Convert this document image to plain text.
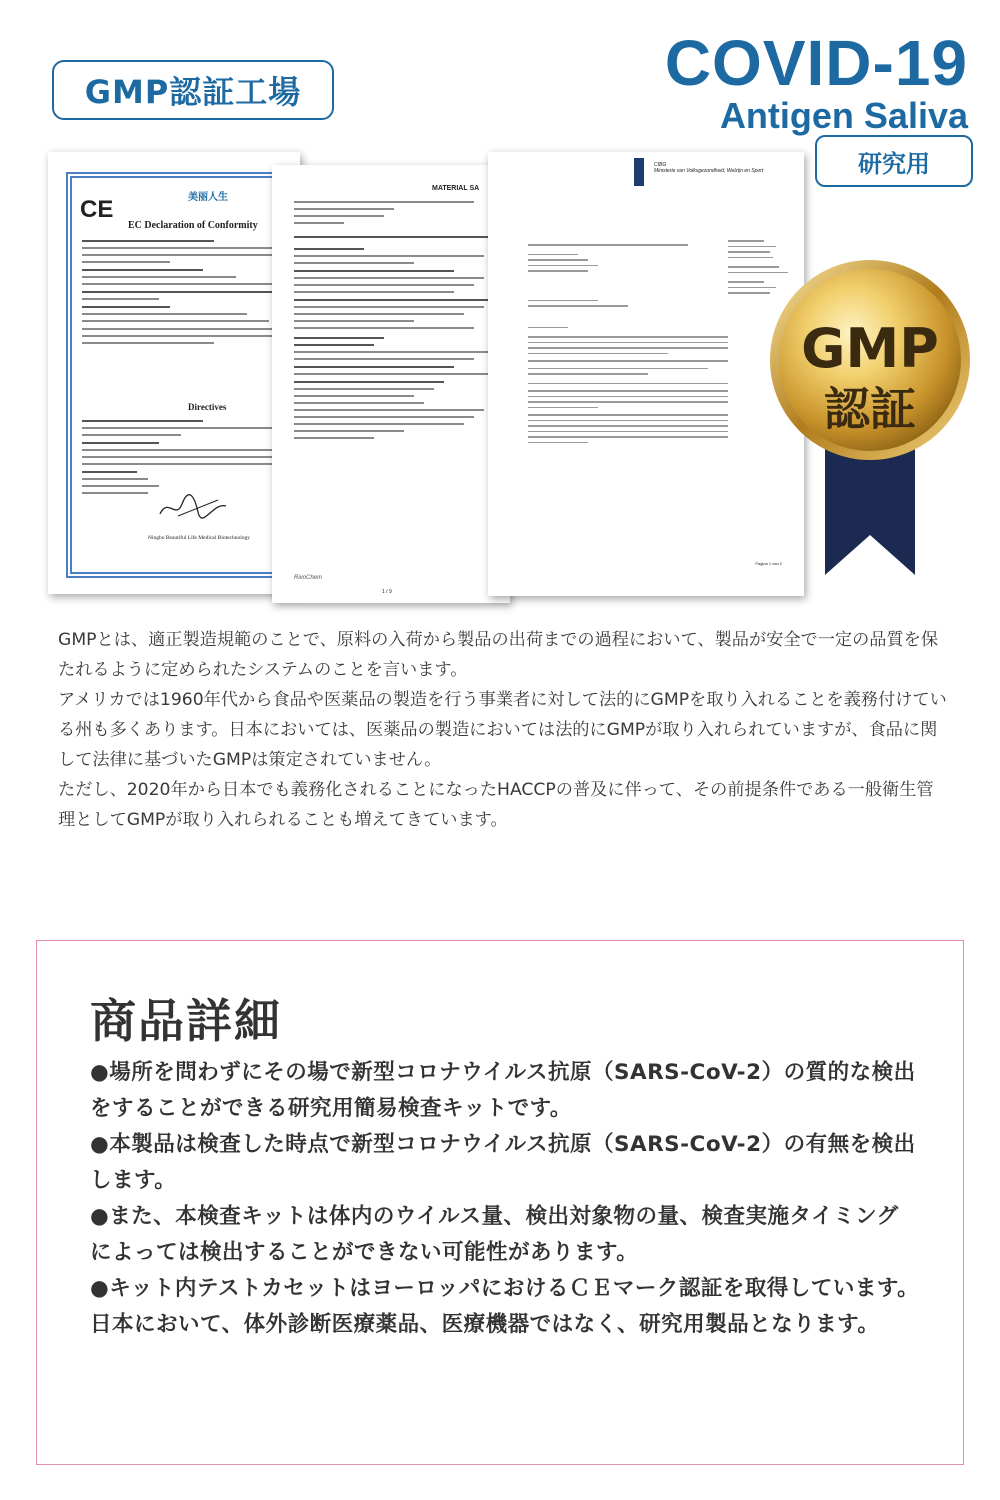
GMP認証工場	COVID-19
Antigen Saliva
研究用
CE	美丽人生
EC Declaration of Conformity
Directives
Ningbo Beautiful Life Medical Biotechnology
MATERIAL SA
RivoChem
1 / 9
CIBG
Ministerie van Volksgezondheid, Welzijn en Sport
Pagina 1 van 2
GMP
認証

GMPとは、適正製造規範のことで、原料の入荷から製品の出荷までの過程において、製品が安全で一定の品質を保たれるように定められたシステムのことを言います。

アメリカでは1960年代から食品や医薬品の製造を行う事業者に対して法的にGMPを取り入れることを義務付けている州も多くあります。日本においては、医薬品の製造においては法的にGMPが取り入れられていますが、食品に関して法律に基づいたGMPは策定されていません。

ただし、2020年から日本でも義務化されることになったHACCPの普及に伴って、その前提条件である一般衛生管理としてGMPが取り入れられることも増えてきています。

商品詳細

●場所を問わずにその場で新型コロナウイルス抗原（SARS-CoV-2）の質的な検出をすることができる研究用簡易検査キットです。

●本製品は検査した時点で新型コロナウイルス抗原（SARS-CoV-2）の有無を検出します。

●また、本検査キットは体内のウイルス量、検出対象物の量、検査実施タイミングによっては検出することができない可能性があります。

●キット内テストカセットはヨーロッパにおけるＣＥマーク認証を取得しています。日本において、体外診断医療薬品、医療機器ではなく、研究用製品となります。
